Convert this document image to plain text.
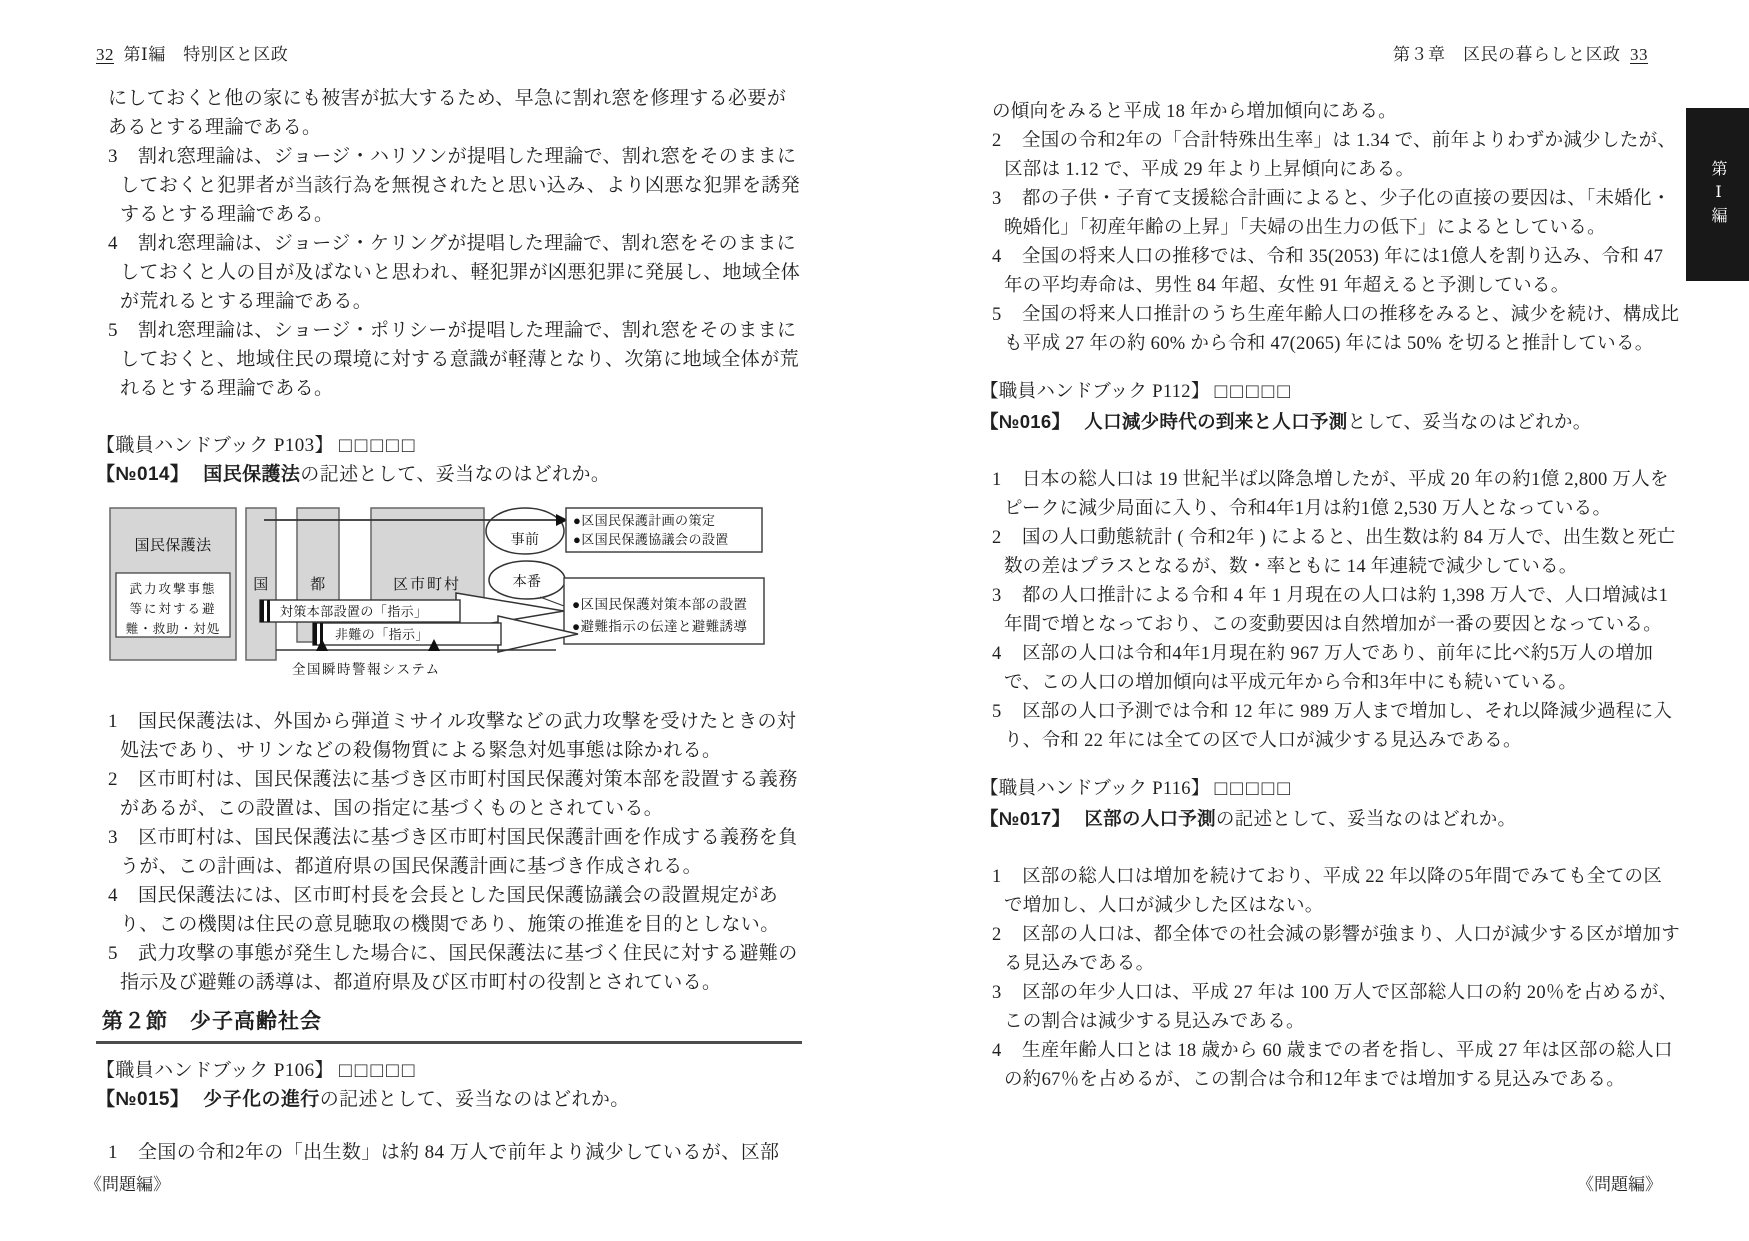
32 第Ⅰ編　特別区と区政	第３章　区民の暮らしと区政 33
にしておくと他の家にも被害が拡大するため、早急に割れ窓を修理する必要があるとする理論である。
3 割れ窓理論は、ジョージ・ハリソンが提唱した理論で、割れ窓をそのままにしておくと犯罪者が当該行為を無視されたと思い込み、より凶悪な犯罪を誘発するとする理論である。
4 割れ窓理論は、ジョージ・ケリングが提唱した理論で、割れ窓をそのままにしておくと人の目が及ばないと思われ、軽犯罪が凶悪犯罪に発展し、地域全体が荒れるとする理論である。
5 割れ窓理論は、ショージ・ポリシーが提唱した理論で、割れ窓をそのままにしておくと、地域住民の環境に対する意識が軽薄となり、次第に地域全体が荒れるとする理論である。
【職員ハンドブック P103】 □□□□□
【№014】 国民保護法の記述として、妥当なのはどれか。
国民保護法
武力攻撃事態
等に対する避
難・救助・対処
国	都	区市町村
事前
●区国民保護計画の策定
●区国民保護協議会の設置
本番
●区国民保護対策本部の設置
●避難指示の伝達と避難誘導
対策本部設置の「指示」
非難の「指示」
全国瞬時警報システム
1 国民保護法は、外国から弾道ミサイル攻撃などの武力攻撃を受けたときの対処法であり、サリンなどの殺傷物質による緊急対処事態は除かれる。
2 区市町村は、国民保護法に基づき区市町村国民保護対策本部を設置する義務があるが、この設置は、国の指定に基づくものとされている。
3 区市町村は、国民保護法に基づき区市町村国民保護計画を作成する義務を負うが、この計画は、都道府県の国民保護計画に基づき作成される。
4 国民保護法には、区市町村長を会長とした国民保護協議会の設置規定があり、この機関は住民の意見聴取の機関であり、施策の推進を目的としない。
5 武力攻撃の事態が発生した場合に、国民保護法に基づく住民に対する避難の指示及び避難の誘導は、都道府県及び区市町村の役割とされている。
第２節　少子高齢社会
【職員ハンドブック P106】 □□□□□
【№015】 少子化の進行の記述として、妥当なのはどれか。
1 全国の令和2年の「出生数」は約 84 万人で前年より減少しているが、区部
の傾向をみると平成 18 年から増加傾向にある。
2 全国の令和2年の「合計特殊出生率」は 1.34 で、前年よりわずか減少したが、区部は 1.12 で、平成 29 年より上昇傾向にある。
3 都の子供・子育て支援総合計画によると、少子化の直接の要因は、「未婚化・晩婚化」「初産年齢の上昇」「夫婦の出生力の低下」によるとしている。
4 全国の将来人口の推移では、令和 35(2053) 年には1億人を割り込み、令和 47 年の平均寿命は、男性 84 年超、女性 91 年超えると予測している。
5 全国の将来人口推計のうち生産年齢人口の推移をみると、減少を続け、構成比も平成 27 年の約 60% から令和 47(2065) 年には 50% を切ると推計している。
【職員ハンドブック P112】 □□□□□
【№016】 人口減少時代の到来と人口予測として、妥当なのはどれか。
1 日本の総人口は 19 世紀半ば以降急増したが、平成 20 年の約1億 2,800 万人をピークに減少局面に入り、令和4年1月は約1億 2,530 万人となっている。
2 国の人口動態統計 ( 令和2年 ) によると、出生数は約 84 万人で、出生数と死亡数の差はプラスとなるが、数・率ともに 14 年連続で減少している。
3 都の人口推計による令和 4 年 1 月現在の人口は約 1,398 万人で、人口増減は1年間で増となっており、この変動要因は自然増加が一番の要因となっている。
4 区部の人口は令和4年1月現在約 967 万人であり、前年に比べ約5万人の増加で、この人口の増加傾向は平成元年から令和3年中にも続いている。
5 区部の人口予測では令和 12 年に 989 万人まで増加し、それ以降減少過程に入り、令和 22 年には全ての区で人口が減少する見込みである。
【職員ハンドブック P116】 □□□□□
【№017】 区部の人口予測の記述として、妥当なのはどれか。
1 区部の総人口は増加を続けており、平成 22 年以降の5年間でみても全ての区で増加し、人口が減少した区はない。
2 区部の人口は、都全体での社会減の影響が強まり、人口が減少する区が増加する見込みである。
3 区部の年少人口は、平成 27 年は 100 万人で区部総人口の約 20％を占めるが、この割合は減少する見込みである。
4 生産年齢人口とは 18 歳から 60 歳までの者を指し、平成 27 年は区部の総人口の約67％を占めるが、この割合は令和12年までは増加する見込みである。
第Ⅰ編
《問題編》	《問題編》
